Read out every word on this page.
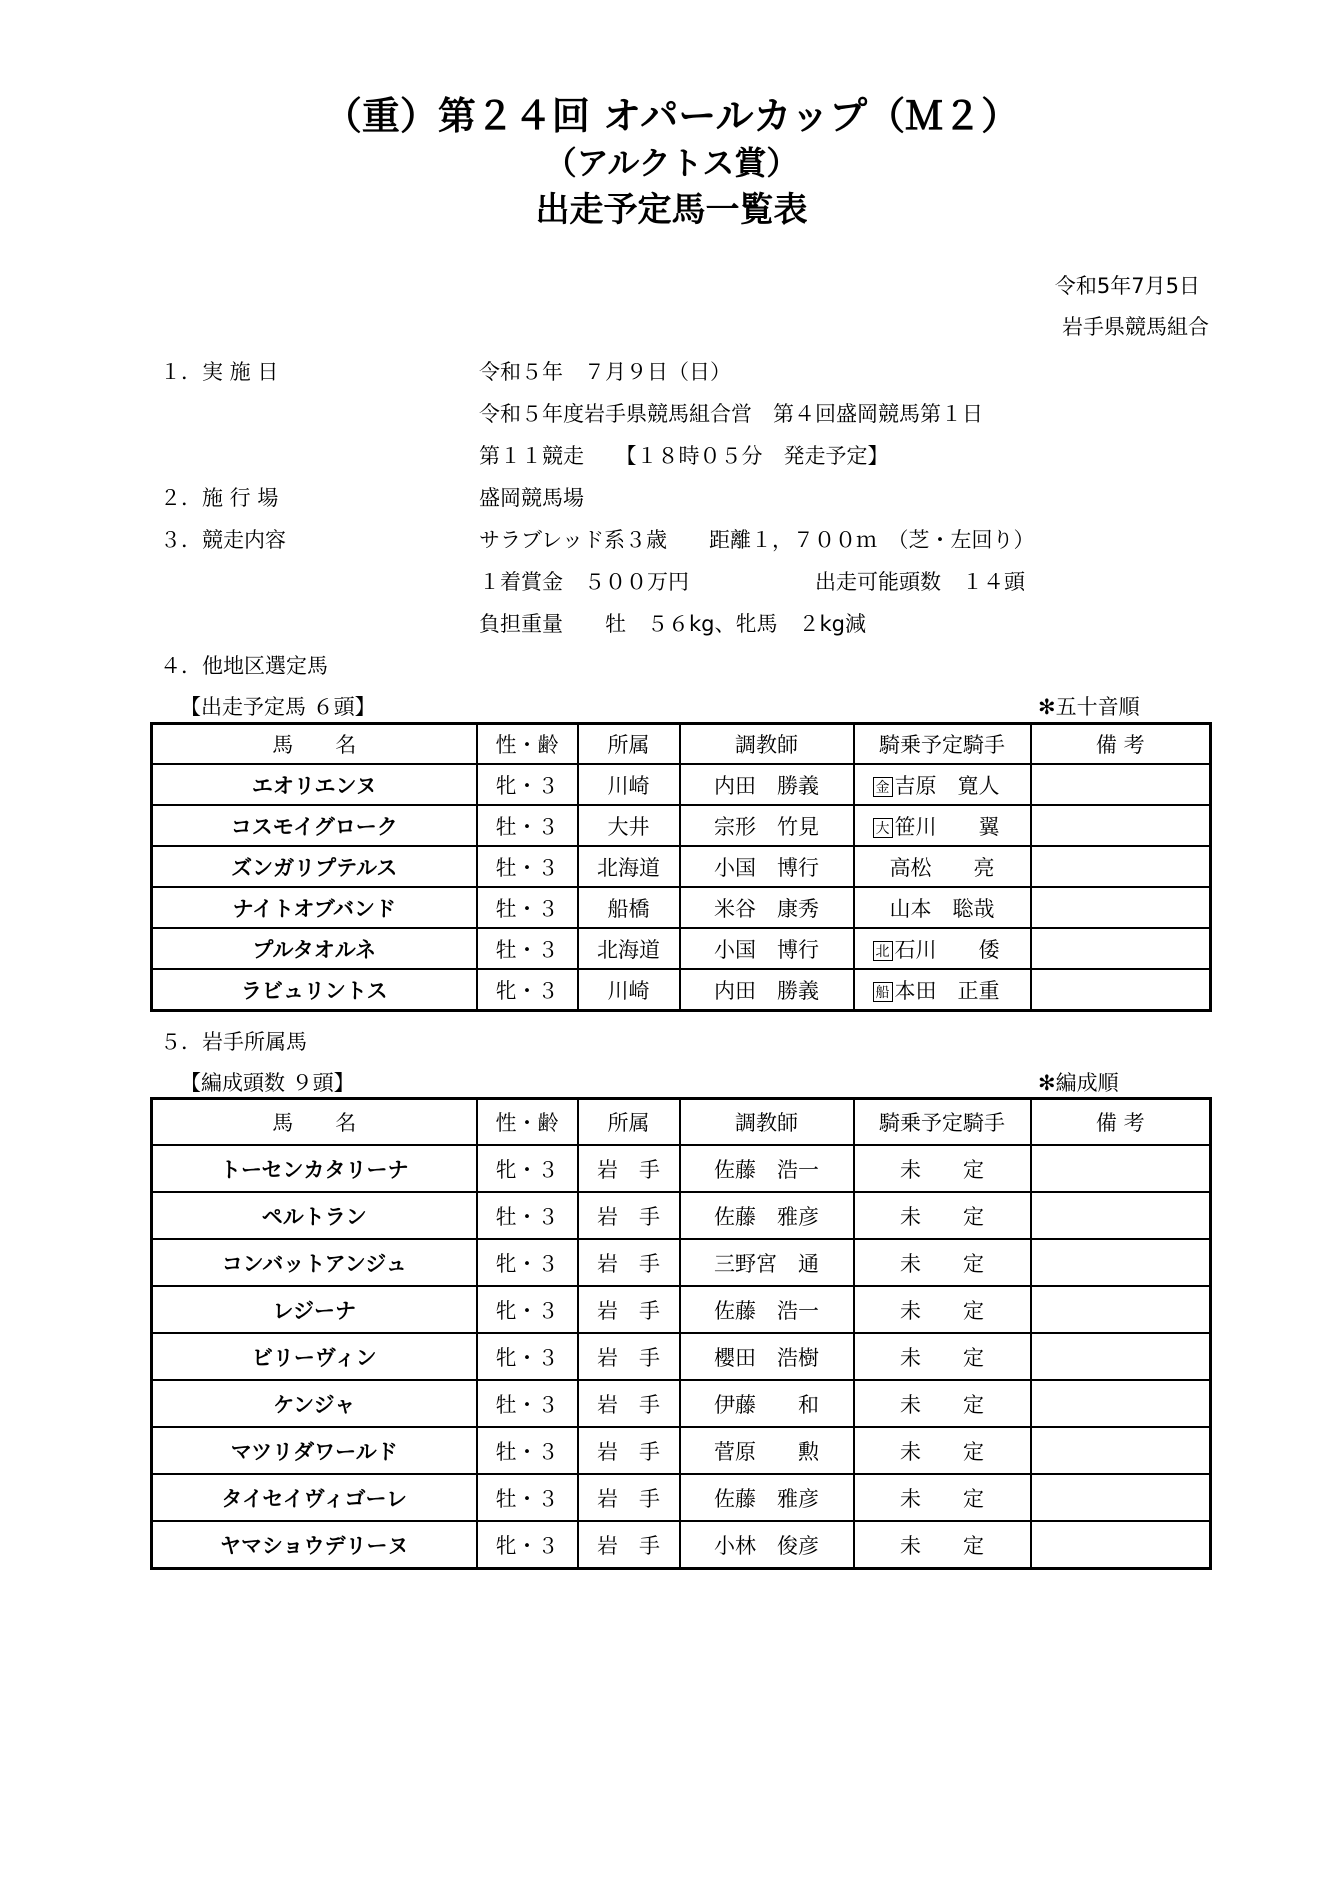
（重）第２４回 オパールカップ（Ｍ２）
（アルクトス賞）
出走予定馬一覧表
令和5年7月5日
岩手県競馬組合
１．実 施 日	令和５年　７月９日（日）
令和５年度岩手県競馬組合営　第４回盛岡競馬第１日
第１１競走　　【１８時０５分　発走予定】
２．施 行 場	盛岡競馬場
３．競走内容	サラブレッド系３歳　　距離１，７００ｍ　（芝・左回り）
１着賞金　５００万円　　　　　　出走可能頭数　１４頭
負担重量　　牡　５６kg、牝馬　２kg減
４．他地区選定馬
【出走予定馬 ６頭】	✻五十音順
馬　　名	性・齢	所属	調教師	騎乗予定騎手	備 考
エオリエンヌ	牝・３	川崎	内田　勝義	金 吉原　寛人	
コスモイグローク	牡・３	大井	宗形　竹見	大 笹川　　翼	
ズンガリプテルス	牡・３	北海道	小国　博行	高松　　亮	
ナイトオブバンド	牡・３	船橋	米谷　康秀	山本　聡哉	
プルタオルネ	牡・３	北海道	小国　博行	北 石川　　倭	
ラビュリントス	牝・３	川崎	内田　勝義	船 本田　正重	
５．岩手所属馬
【編成頭数 ９頭】	✻編成順
馬　　名	性・齢	所属	調教師	騎乗予定騎手	備 考
トーセンカタリーナ	牝・３	岩　手	佐藤　浩一	未　　定	
ペルトラン	牡・３	岩　手	佐藤　雅彦	未　　定	
コンバットアンジュ	牝・３	岩　手	三野宮　通	未　　定	
レジーナ	牝・３	岩　手	佐藤　浩一	未　　定	
ビリーヴィン	牝・３	岩　手	櫻田　浩樹	未　　定	
ケンジャ	牡・３	岩　手	伊藤　　和	未　　定	
マツリダワールド	牡・３	岩　手	菅原　　勲	未　　定	
タイセイヴィゴーレ	牡・３	岩　手	佐藤　雅彦	未　　定	
ヤマショウデリーヌ	牝・３	岩　手	小林　俊彦	未　　定	
